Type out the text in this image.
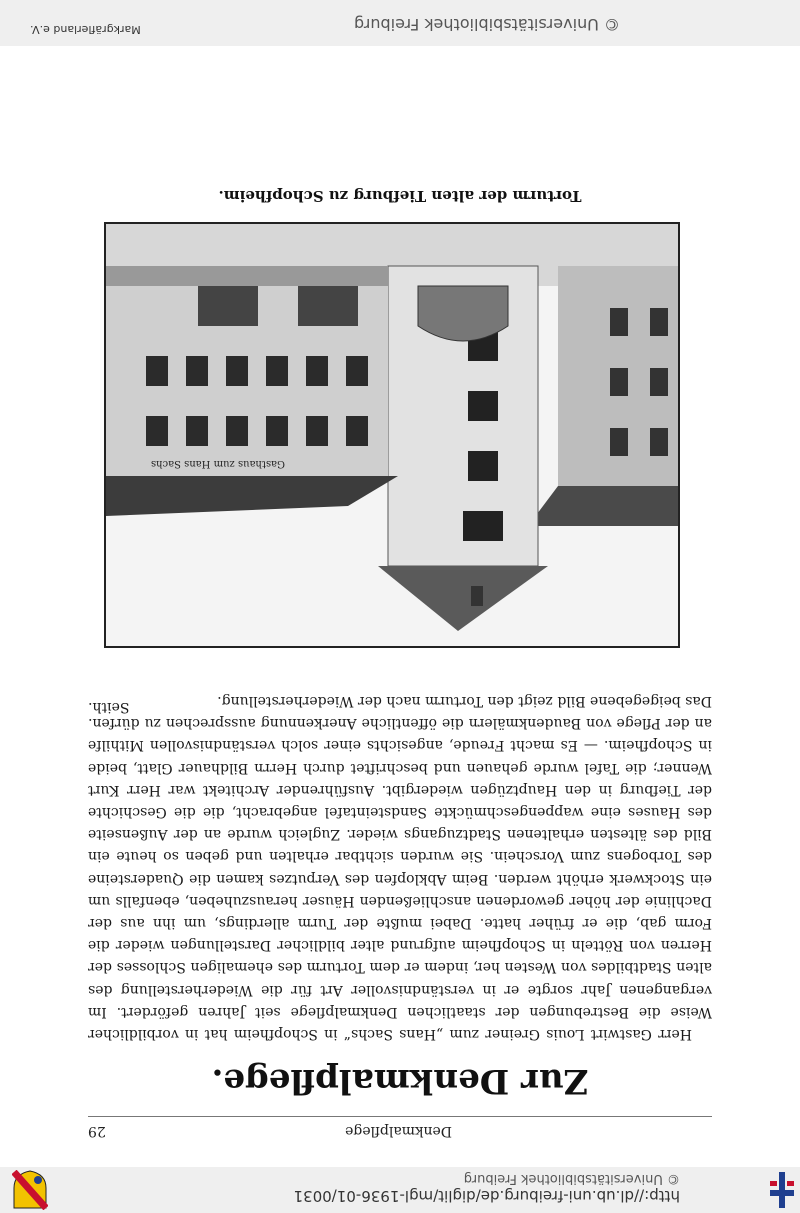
http://dl.ub.uni-freiburg.de/diglit/mgl-1936-01/0031
© Universitätsbibliothek Freiburg
Denkmalpflege
29
Zur Denkmalpflege.

Herr Gastwirt Louis Greiner zum „Hans Sachs“ in Schopfheim hat in vorbildlicher Weise die Bestrebungen der staatlichen Denkmalpflege seit Jahren gefördert. Im vergangenen Jahr sorgte er in verständnisvoller Art für die Wiederherstellung des alten Stadtbildes von Westen her, indem er dem Torturm des ehemaligen Schlosses der Herren von Rötteln in Schopfheim aufgrund alter bildlicher Darstellungen wieder die Form gab, die er früher hatte. Dabei mußte der Turm allerdings, um ihn aus der Dachlinie der höher gewordenen anschließenden Häuser herauszuheben, ebenfalls um ein Stockwerk erhöht werden. Beim Abklopfen des Verputzes kamen die Quadersteine des Torbogens zum Vorschein. Sie wurden sichtbar erhalten und geben so heute ein Bild des ältesten erhaltenen Stadtzugangs wieder. Zugleich wurde an der Außenseite des Hauses eine wappengeschmückte Sandsteintafel angebracht, die die Geschichte der Tiefburg in den Hauptzügen wiedergibt. Ausführender Architekt war Herr Kurt Wenner; die Tafel wurde gehauen und beschriftet durch Herrn Bildhauer Glatt, beide in Schopfheim. — Es macht Freude, angesichts einer solch verständnisvollen Mithilfe an der Pflege von Baudenkmälern die öffentliche Anerkennung aussprechen zu dürfen. Das beigegebene Bild zeigt den Torturm nach der Wiederherstellung.

Seith.
Gasthaus zum Hans Sachs
Torturm der alten Tiefburg zu Schopfheim.
© Universitätsbibliothek Freiburg
Markgräflerland e.V.
